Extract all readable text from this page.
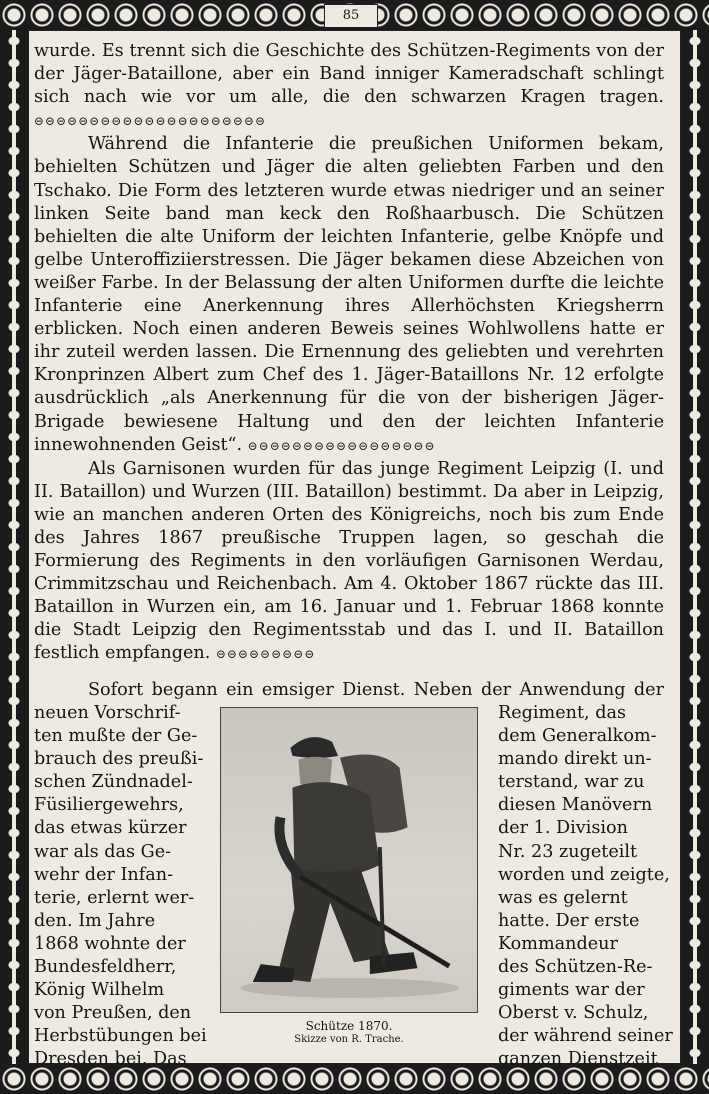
85

wurde. Es trennt sich die Geschichte des Schützen-Regiments von der der Jäger-Bataillone, aber ein Band inniger Kameradschaft schlingt sich nach wie vor um alle, die den schwarzen Kragen tragen. ⊝⊝⊝⊝⊝⊝⊝⊝⊝⊝⊝⊝⊝⊝⊝⊝⊝⊝⊝⊝⊝

Während die Infanterie die preußichen Uniformen bekam, behielten Schützen und Jäger die alten geliebten Farben und den Tschako. Die Form des letzteren wurde etwas niedriger und an seiner linken Seite band man keck den Roßhaarbusch. Die Schützen behielten die alte Uniform der leichten Infanterie, gelbe Knöpfe und gelbe Unteroffiziierstressen. Die Jäger bekamen diese Abzeichen von weißer Farbe. In der Belassung der alten Uniformen durfte die leichte Infanterie eine Anerkennung ihres Allerhöchsten Kriegsherrn erblicken. Noch einen anderen Beweis seines Wohlwollens hatte er ihr zuteil werden lassen. Die Ernennung des geliebten und verehrten Kronprinzen Albert zum Chef des 1. Jäger-Bataillons Nr. 12 erfolgte ausdrücklich „als Anerkennung für die von der bisherigen Jäger-Brigade bewiesene Haltung und den der leichten Infanterie innewohnenden Geist“. ⊝⊝⊝⊝⊝⊝⊝⊝⊝⊝⊝⊝⊝⊝⊝⊝⊝

Als Garnisonen wurden für das junge Regiment Leipzig (I. und II. Bataillon) und Wurzen (III. Bataillon) bestimmt. Da aber in Leipzig, wie an manchen anderen Orten des Königreichs, noch bis zum Ende des Jahres 1867 preußische Truppen lagen, so geschah die Formierung des Regiments in den vorläufigen Garnisonen Werdau, Crimmitzschau und Reichenbach. Am 4. Oktober 1867 rückte das III. Bataillon in Wurzen ein, am 16. Januar und 1. Februar 1868 konnte die Stadt Leipzig den Regimentsstab und das I. und II. Bataillon festlich empfangen. ⊝⊝⊝⊝⊝⊝⊝⊝⊝

Sofort begann ein emsiger Dienst. Neben der Anwendung der
neuen Vorschrif-
ten mußte der Ge-
brauch des preußi-
schen Zündnadel-
Füsiliergewehrs,
das etwas kürzer
war als das Ge-
wehr der Infan-
terie, erlernt wer-
den. Im Jahre
1868 wohnte der
Bundesfeldherr,
König Wilhelm
von Preußen, den
Herbstübungen bei
Dresden bei. Das
Schütze 1870.
Skizze von R. Trache.
Regiment, das
dem Generalkom-
mando direkt un-
terstand, war zu
diesen Manövern
der 1. Division
Nr. 23 zugeteilt
worden und zeigte,
was es gelernt
hatte. Der erste
Kommandeur
des Schützen-Re-
giments war der
Oberst v. Schulz,
der während seiner
ganzen Dienstzeit
